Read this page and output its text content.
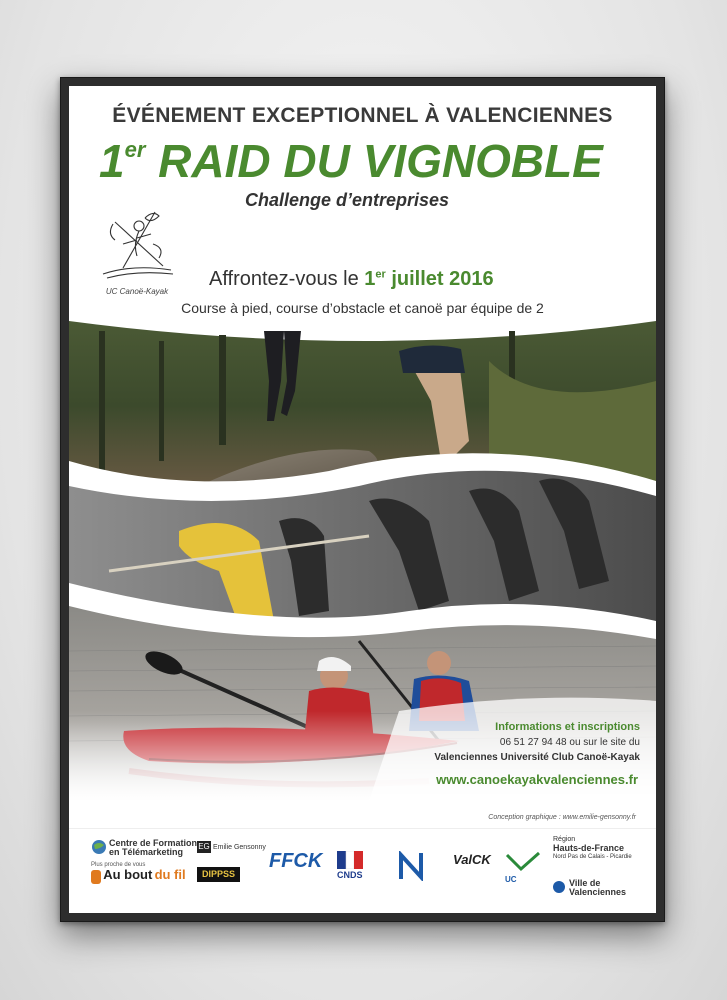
ÉVÉNEMENT EXCEPTIONNEL À VALENCIENNES
1er RAID DU VIGNOBLE
Challenge d’entreprises
UC Canoë-Kayak
Affrontez-vous le 1er juillet 2016
Course à pied, course d’obstacle et canoë par équipe de 2
Informations et inscriptions
06 51 27 94 48 ou sur le site du
Valenciennes Université Club Canoë-Kayak
www.canoekayakvalenciennes.fr
Conception graphique : www.emilie-gensonny.fr
Centre de Formation
en Télémarketing
EG Emilie Gensonny
Plus proche de vous
Au bout du fil	DIPPSS
FFCK
CNDS
ValCK
UC
Région
Hauts-de-France
Nord Pas de Calais - Picardie
Ville de
Valenciennes
